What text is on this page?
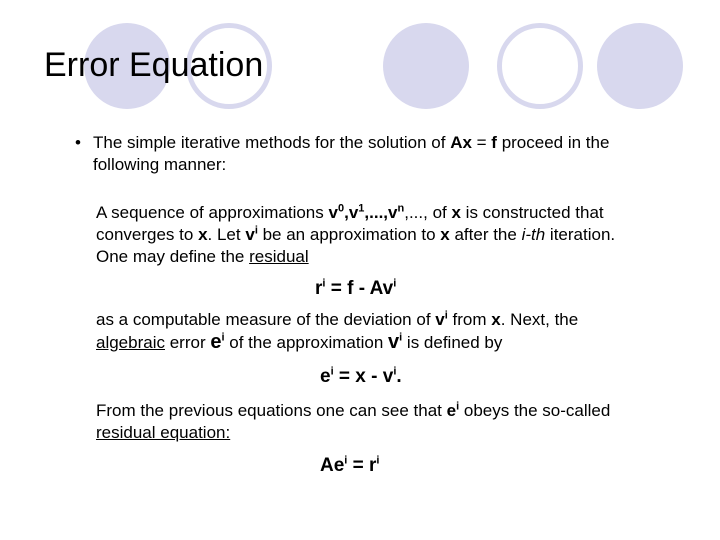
Error Equation
• The simple iterative methods for the solution of Ax = f proceed in the following manner:
A sequence of approximations $v^0,v^1,...,v^n$,..., of x is constructed that converges to x. Let $v^i$ be an approximation to x after the i-th iteration. One may define the residual
$r^i = f - Av^i$
as a computable measure of the deviation of $v^i$ from x. Next, the algebraic error $e^i$ of the approximation $v^i$ is defined by
$e^i = x - v^i$.
From the previous equations one can see that $e^i$ obeys the so-called residual equation:
$Ae^i = r^i$
